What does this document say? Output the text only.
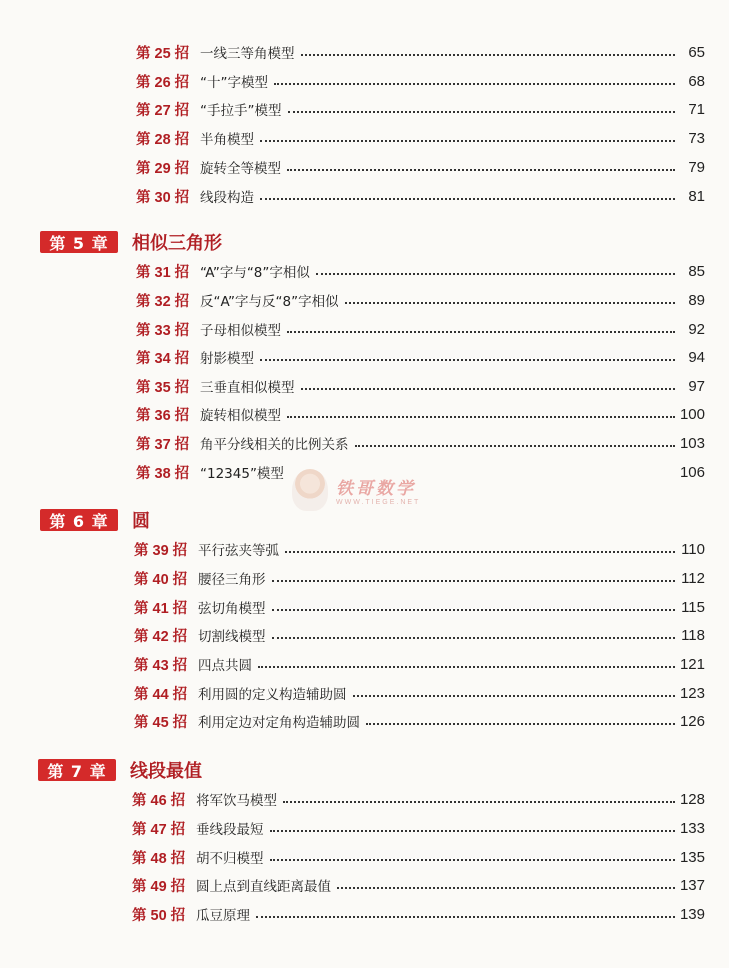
第 25 招 一线三等角模型	65
第 26 招 “十”字模型	68
第 27 招 “手拉手”模型	71
第 28 招 半角模型	73
第 29 招 旋转全等模型	79
第 30 招 线段构造	81
第 5 章	相似三角形
第 31 招 “A”字与“8”字相似	85
第 32 招 反“A”字与反“8”字相似	89
第 33 招 子母相似模型	92
第 34 招 射影模型	94
第 35 招 三垂直相似模型	97
第 36 招 旋转相似模型	100
第 37 招 角平分线相关的比例关系	103
第 38 招 “12345”模型	106
第 6 章	圆
第 39 招 平行弦夹等弧	110
第 40 招 腰径三角形	112
第 41 招 弦切角模型	115
第 42 招 切割线模型	118
第 43 招 四点共圆	121
第 44 招 利用圆的定义构造辅助圆	123
第 45 招 利用定边对定角构造辅助圆	126
第 7 章	线段最值
第 46 招 将军饮马模型	128
第 47 招 垂线段最短	133
第 48 招 胡不归模型	135
第 49 招 圆上点到直线距离最值	137
第 50 招 瓜豆原理	139
铁哥数学
WWW.TIEGE.NET
